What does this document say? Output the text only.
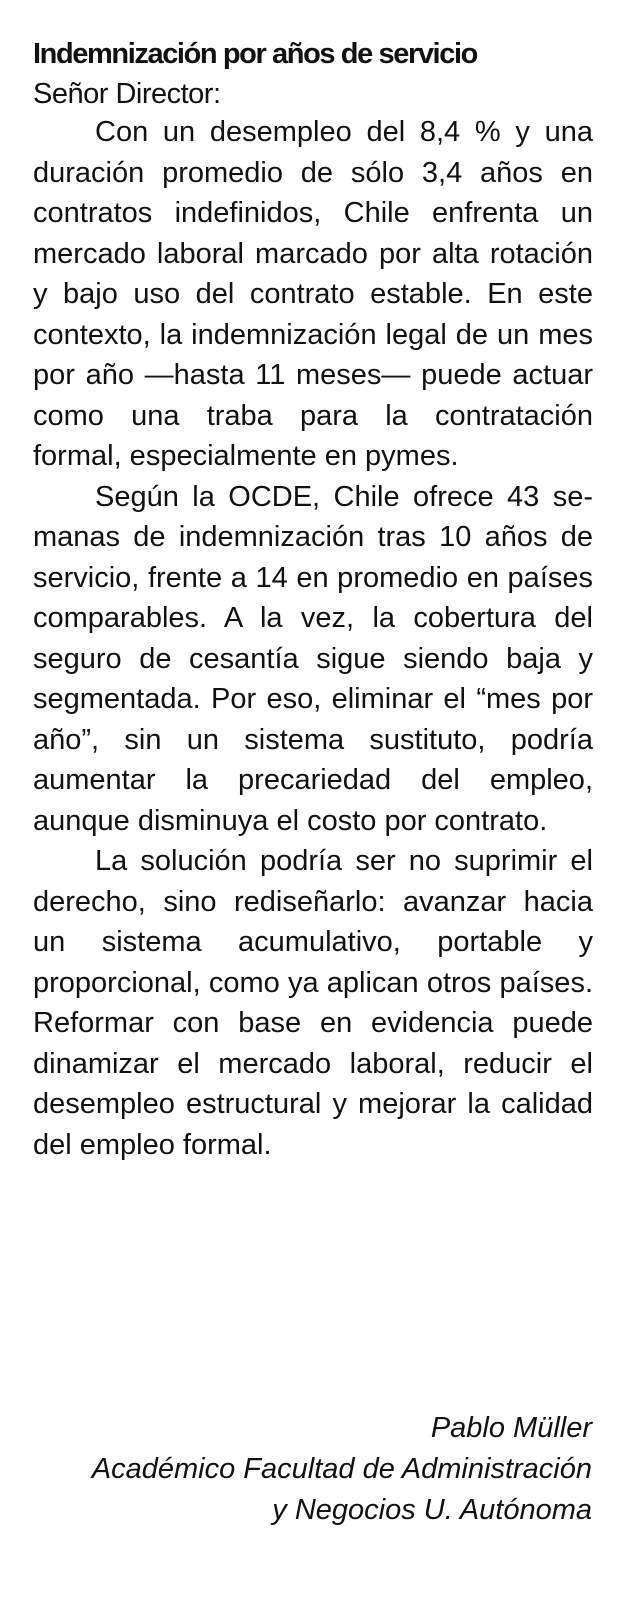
Indemnización por años de servicio

Señor Director:

Con un desempleo del 8,4 % y una duración promedio de sólo 3,4 años en contratos indefinidos, Chile enfrenta un mercado laboral marcado por alta rotación y bajo uso del contrato estable. En este contexto, la indemnización legal de un mes por año —hasta 11 meses— puede actuar como una traba para la contratación formal, especialmente en pymes.

Según la OCDE, Chile ofrece 43 semanas de indemnización tras 10 años de servicio, frente a 14 en promedio en países comparables. A la vez, la cobertura del seguro de cesantía sigue siendo baja y segmentada. Por eso, eliminar el “mes por año”, sin un sistema sustituto, podría aumentar la precariedad del empleo, aunque disminuya el costo por contrato.

La solución podría ser no suprimir el derecho, sino rediseñarlo: avanzar hacia un sistema acumulativo, portable y proporcional, como ya aplican otros países. Reformar con base en evidencia puede dinamizar el mercado laboral, reducir el desempleo estructural y mejorar la calidad del empleo formal.

Pablo Müller
Académico Facultad de Administración
y Negocios U. Autónoma
